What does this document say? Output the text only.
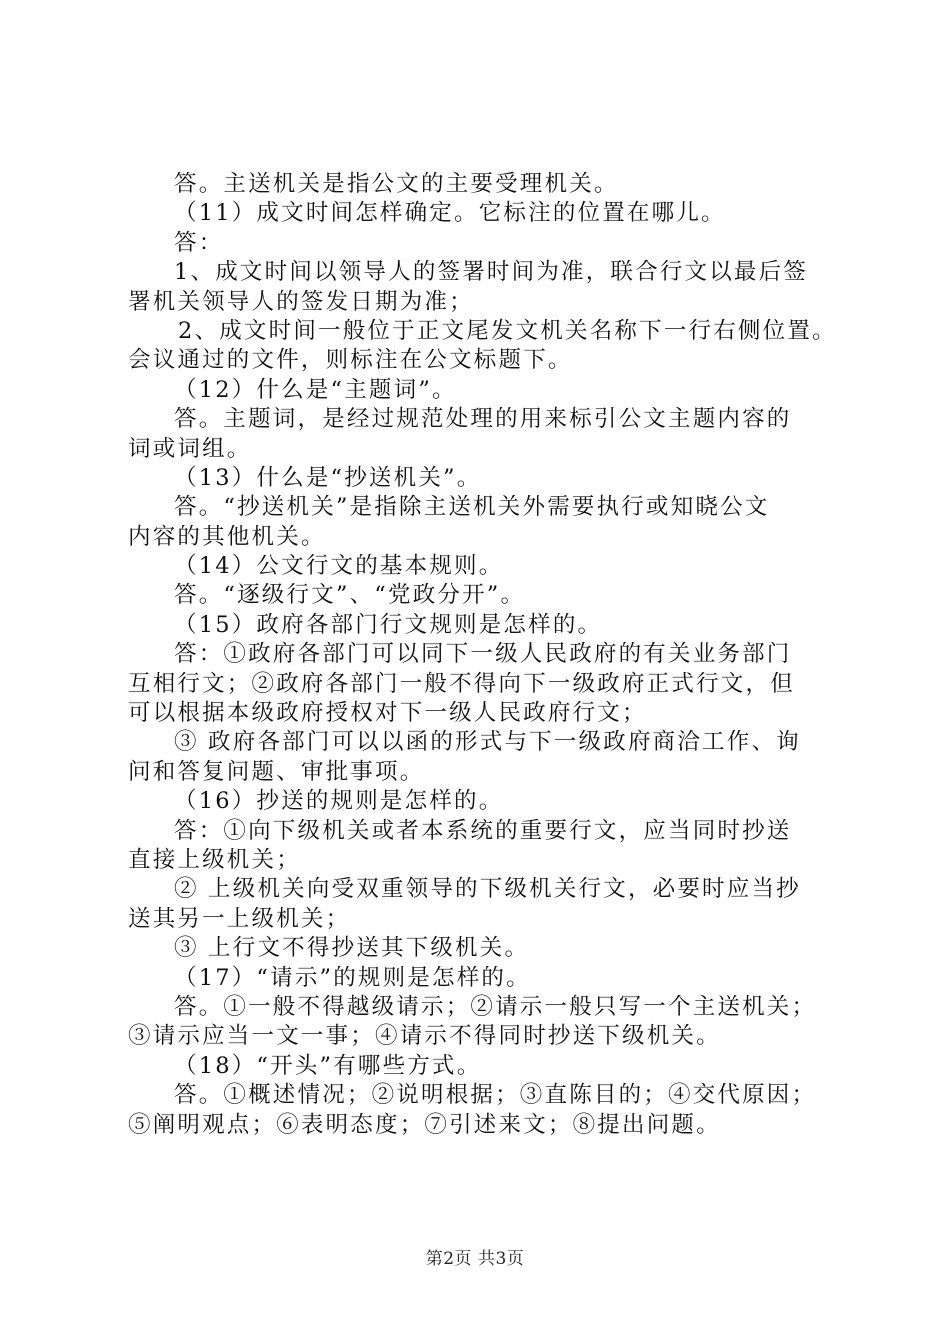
答。主送机关是指公文的主要受理机关。
（11）成文时间怎样确定。它标注的位置在哪儿。
答：
1、成文时间以领导人的签署时间为准，联合行文以最后签
署机关领导人的签发日期为准；
2、成文时间一般位于正文尾发文机关名称下一行右侧位置。
会议通过的文件，则标注在公文标题下。
（12）什么是“主题词”。
答。主题词，是经过规范处理的用来标引公文主题内容的
词或词组。
（13）什么是“抄送机关”。
答。“抄送机关”是指除主送机关外需要执行或知晓公文
内容的其他机关。
（14）公文行文的基本规则。
答。“逐级行文”、“党政分开”。
（15）政府各部门行文规则是怎样的。
答：①政府各部门可以同下一级人民政府的有关业务部门
互相行文；②政府各部门一般不得向下一级政府正式行文，但
可以根据本级政府授权对下一级人民政府行文；
③ 政府各部门可以以函的形式与下一级政府商洽工作、询
问和答复问题、审批事项。
（16）抄送的规则是怎样的。
答：①向下级机关或者本系统的重要行文，应当同时抄送
直接上级机关；
② 上级机关向受双重领导的下级机关行文，必要时应当抄
送其另一上级机关；
③ 上行文不得抄送其下级机关。
（17）“请示”的规则是怎样的。
答。①一般不得越级请示；②请示一般只写一个主送机关；
③请示应当一文一事；④请示不得同时抄送下级机关。
（18）“开头”有哪些方式。
答。①概述情况；②说明根据；③直陈目的；④交代原因；
⑤阐明观点；⑥表明态度；⑦引述来文；⑧提出问题。
第2页 共3页
